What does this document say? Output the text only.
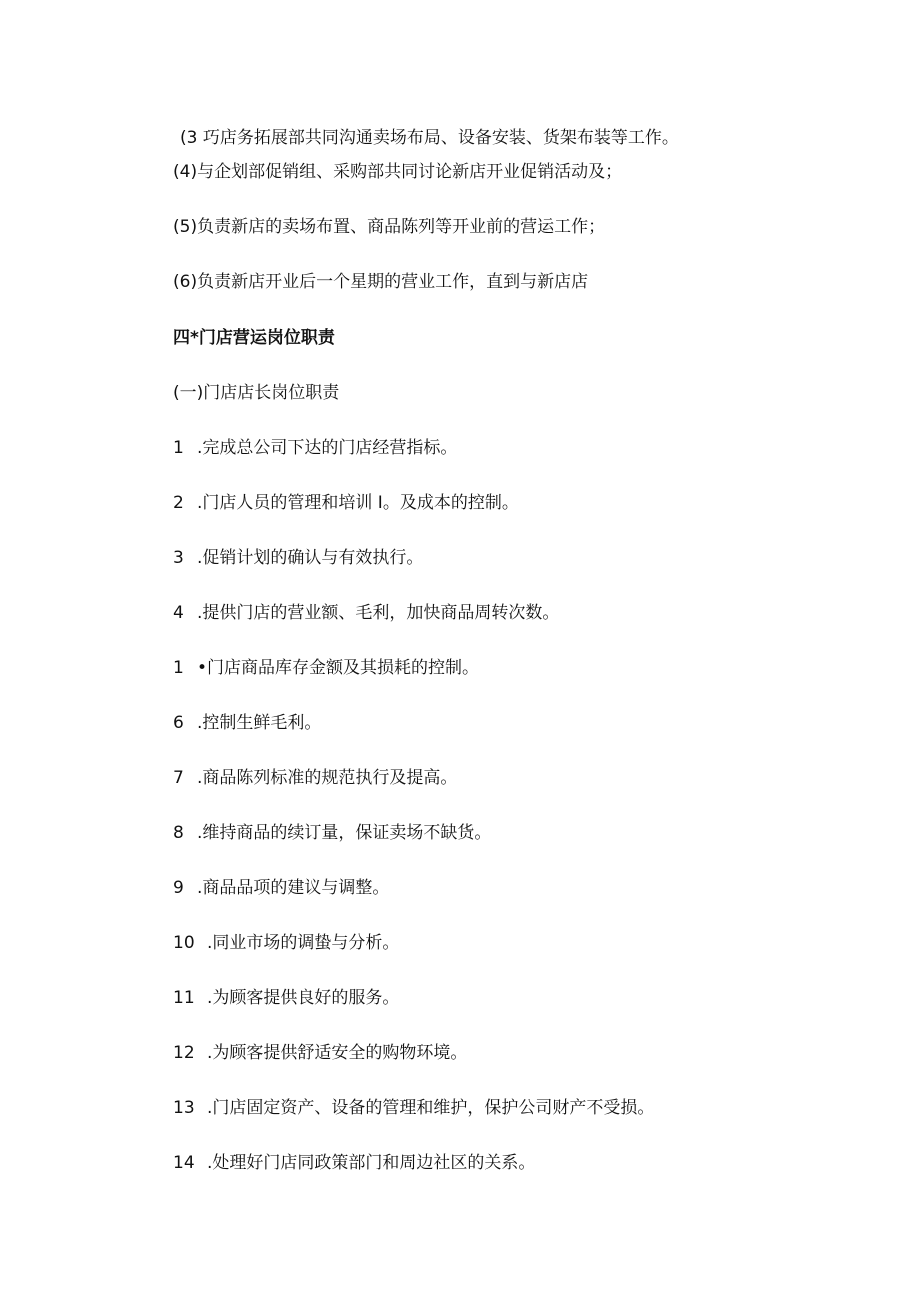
(3 巧店务拓展部共同沟通卖场布局、设备安装、货架布装等工作。

(4)与企划部促销组、采购部共同讨论新店开业促销活动及；

(5)负责新店的卖场布置、商品陈列等开业前的营运工作；

(6)负责新店开业后一个星期的营业工作，直到与新店店

四*门店营运岗位职责

(一)门店店长岗位职责

1 .完成总公司下达的门店经营指标。

2 .门店人员的管理和培训 I。及成本的控制。

3 .促销计划的确认与有效执行。

4 .提供门店的营业额、毛利，加快商品周转次数。

1 •门店商品库存金额及其损耗的控制。

6 .控制生鲜毛利。

7 .商品陈列标准的规范执行及提高。

8 .维持商品的续订量，保证卖场不缺货。

9 .商品品项的建议与调整。

10 .同业市场的调蛰与分析。

11 .为顾客提供良好的服务。

12 .为顾客提供舒适安全的购物环境。

13 .门店固定资产、设备的管理和维护，保护公司财产不受损。

14 .处理好门店同政策部门和周边社区的关系。
